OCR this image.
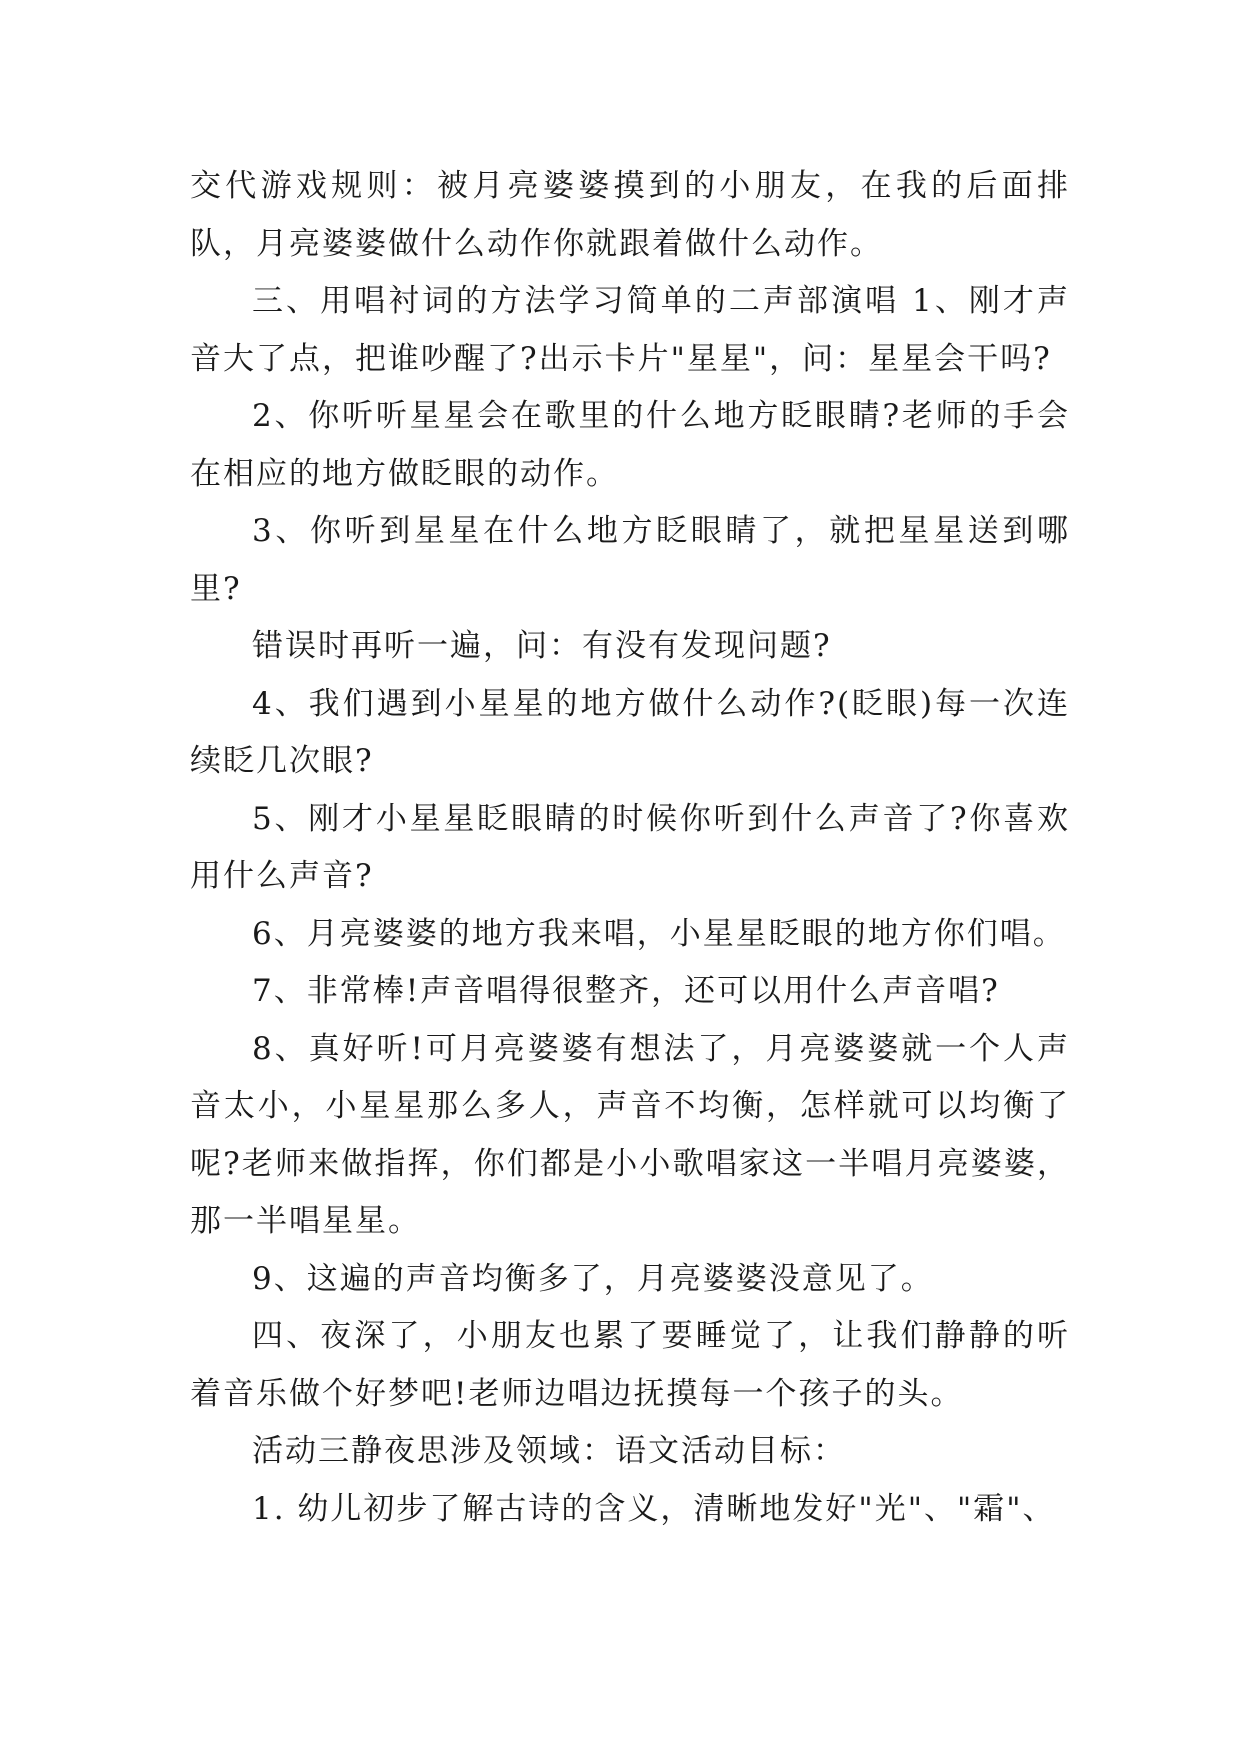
交代游戏规则：被月亮婆婆摸到的小朋友，在我的后面排队，月亮婆婆做什么动作你就跟着做什么动作。

三、用唱衬词的方法学习简单的二声部演唱 1、刚才声音大了点，把谁吵醒了?出示卡片"星星"，问：星星会干吗?

2、你听听星星会在歌里的什么地方眨眼睛?老师的手会在相应的地方做眨眼的动作。

3、你听到星星在什么地方眨眼睛了，就把星星送到哪里?

错误时再听一遍，问：有没有发现问题?

4、我们遇到小星星的地方做什么动作?(眨眼)每一次连续眨几次眼?

5、刚才小星星眨眼睛的时候你听到什么声音了?你喜欢用什么声音?

6、月亮婆婆的地方我来唱，小星星眨眼的地方你们唱。

7、非常棒!声音唱得很整齐，还可以用什么声音唱?

8、真好听!可月亮婆婆有想法了，月亮婆婆就一个人声音太小，小星星那么多人，声音不均衡，怎样就可以均衡了呢?老师来做指挥，你们都是小小歌唱家这一半唱月亮婆婆，那一半唱星星。

9、这遍的声音均衡多了，月亮婆婆没意见了。

四、夜深了，小朋友也累了要睡觉了，让我们静静的听着音乐做个好梦吧!老师边唱边抚摸每一个孩子的头。

活动三静夜思涉及领域：语文活动目标：

1. 幼儿初步了解古诗的含义，清晰地发好"光"、"霜"、
